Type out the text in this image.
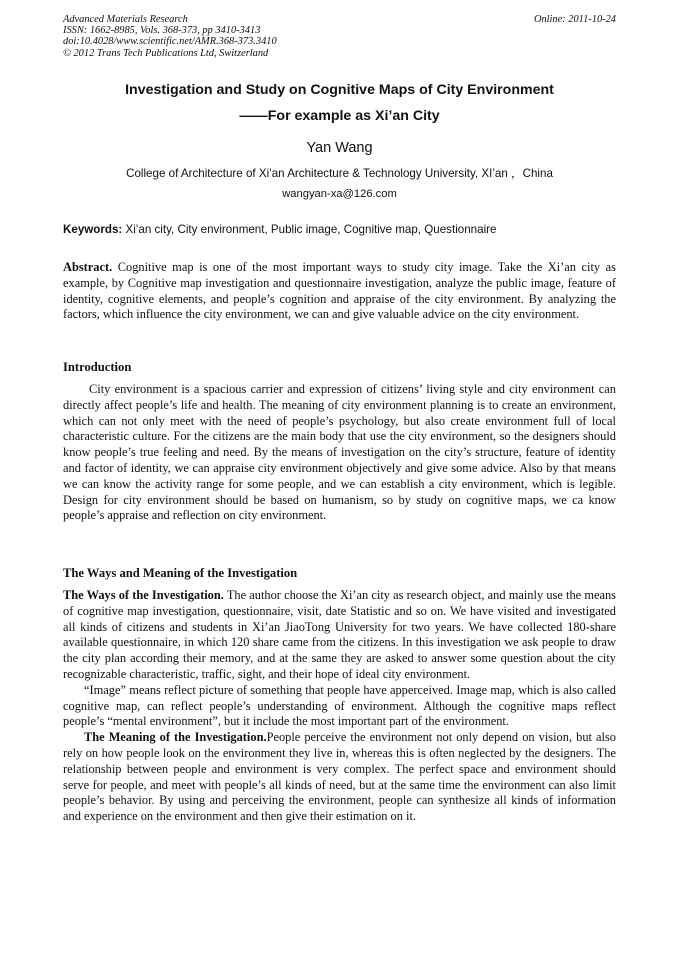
Advanced Materials Research
ISSN: 1662-8985, Vols. 368-373, pp 3410-3413
doi:10.4028/www.scientific.net/AMR.368-373.3410
© 2012 Trans Tech Publications Ltd, Switzerland
Online: 2011-10-24
Investigation and Study on Cognitive Maps of City Environment
——For example as Xi’an City
Yan Wang
College of Architecture of Xi’an Architecture & Technology University, XI’an ，China
wangyan-xa@126.com
Keywords: Xi’an city, City environment, Public image, Cognitive map, Questionnaire

Abstract. Cognitive map is one of the most important ways to study city image. Take the Xi’an city as example, by Cognitive map investigation and questionnaire investigation, analyze the public image, feature of identity, cognitive elements, and people’s cognition and appraise of the city environment. By analyzing the factors, which influence the city environment, we can and give valuable advice on the city environment.

Introduction

City environment is a spacious carrier and expression of citizens’ living style and city environment can directly affect people’s life and health. The meaning of city environment planning is to create an environment, which can not only meet with the need of people’s psychology, but also create environment full of local characteristic culture. For the citizens are the main body that use the city environment, so the designers should know people’s true feeling and need. By the means of investigation on the city’s structure, feature of identity and factor of identity, we can appraise city environment objectively and give some advice. Also by that means we can know the activity range for some people, and we can establish a city environment, which is legible. Design for city environment should be based on humanism, so by study on cognitive maps, we ca know people’s appraise and reflection on city environment.

The Ways and Meaning of the Investigation

The Ways of the Investigation. The author choose the Xi’an city as research object, and mainly use the means of cognitive map investigation, questionnaire, visit, date Statistic and so on. We have visited and investigated all kinds of citizens and students in Xi’an JiaoTong University for two years. We have collected 180-share available questionnaire, in which 120 share came from the citizens. In this investigation we ask people to draw the city plan according their memory, and at the same they are asked to answer some question about the city recognizable characteristic, traffic, sight, and their hope of ideal city environment.

“Image” means reflect picture of something that people have apperceived. Image map, which is also called cognitive map, can reflect people’s understanding of environment. Although the cognitive maps reflect people’s “mental environment”, but it include the most important part of the environment.

The Meaning of the Investigation.People perceive the environment not only depend on vision, but also rely on how people look on the environment they live in, whereas this is often neglected by the designers. The relationship between people and environment is very complex. The perfect space and environment should serve for people, and meet with people’s all kinds of need, but at the same time the environment can also limit people’s behavior. By using and perceiving the environment, people can synthesize all kinds of information and experience on the environment and then give their estimation on it.
